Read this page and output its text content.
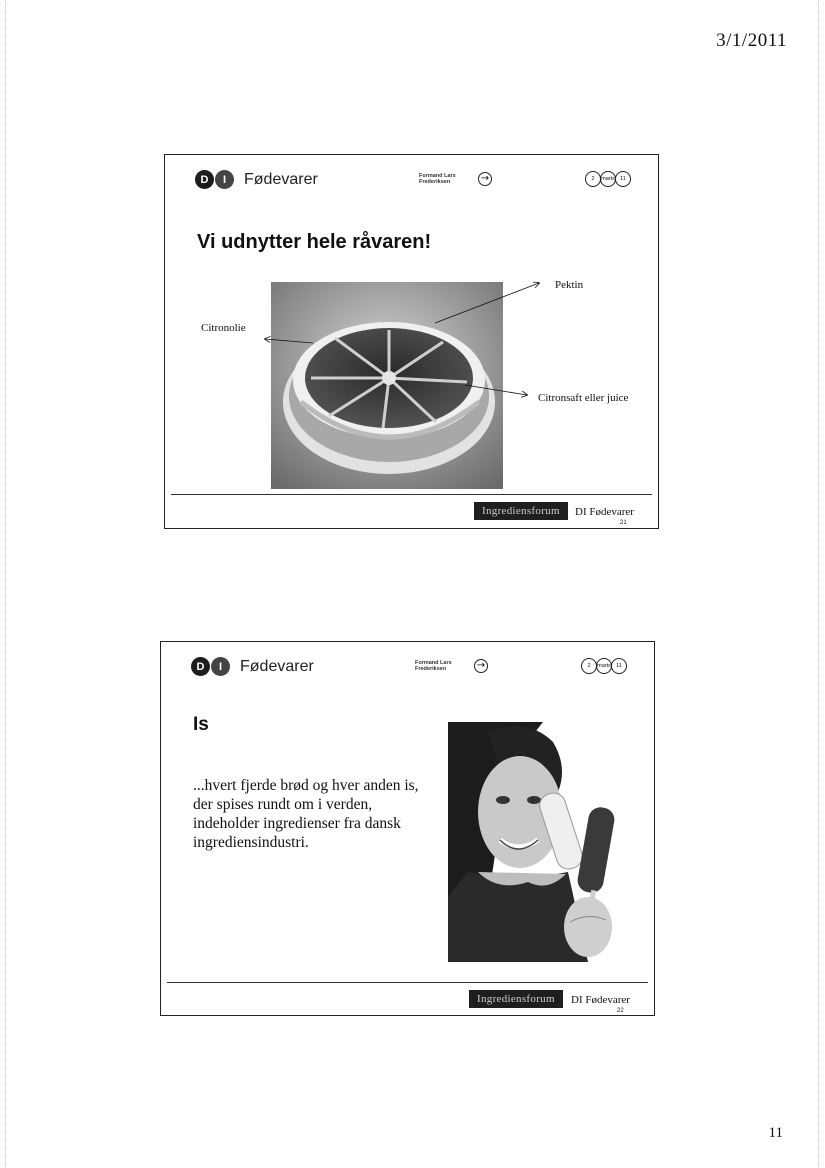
3/1/2011
D	I	Fødevarer	Formand Lars
Frederiksen	→	2	marts 11
Vi udnytter hele råvaren!
Citronolie
Pektin
Citronsaft eller juice
Ingrediensforum	DI Fødevarer
21
D	I	Fødevarer	Formand Lars
Frederiksen	→	2	marts 11
Is
...hvert fjerde brød og hver anden is, der spises rundt om i verden, indeholder ingredienser fra dansk ingrediensindustri.
Ingrediensforum	DI Fødevarer
22
11
